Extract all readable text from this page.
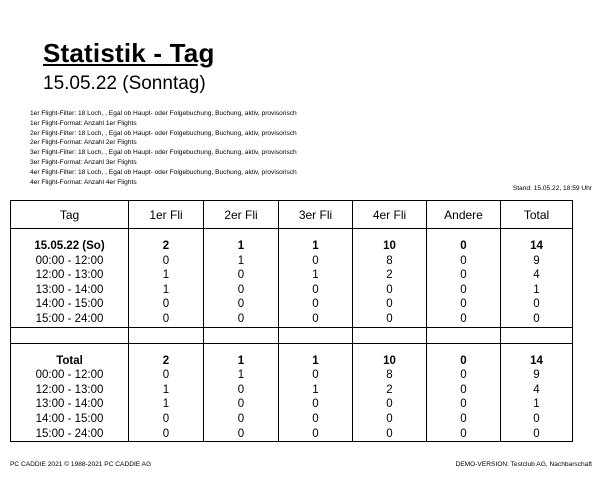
Statistik - Tag
15.05.22 (Sonntag)
1er Flight-Filter: 18 Loch, , Egal ob Haupt- oder Folgebuchung, Buchung, aktiv, provisorisch
1er Flight-Format: Anzahl 1er Flights
2er Flight-Filter: 18 Loch, , Egal ob Haupt- oder Folgebuchung, Buchung, aktiv, provisorisch
2er Flight-Format: Anzahl 2er Flights
3er Flight-Filter: 18 Loch, , Egal ob Haupt- oder Folgebuchung, Buchung, aktiv, provisorisch
3er Flight-Format: Anzahl 3er Flights
4er Flight-Filter: 18 Loch, , Egal ob Haupt- oder Folgebuchung, Buchung, aktiv, provisorisch
4er Flight-Format: Anzahl 4er Flights
Stand: 15.05.22, 18:59 Uhr
Tag	1er Fli	2er Fli	3er Fli	4er Fli	Andere	Total

15.05.22 (So)	2	1	1	10	0	14
00:00 - 12:00	0	1	0	8	0	9
12:00 - 13:00	1	0	1	2	0	4
13:00 - 14:00	1	0	0	0	0	1
14:00 - 15:00	0	0	0	0	0	0
15:00 - 24:00	0	0	0	0	0	0

Total	2	1	1	10	0	14
00:00 - 12:00	0	1	0	8	0	9
12:00 - 13:00	1	0	1	2	0	4
13:00 - 14:00	1	0	0	0	0	1
14:00 - 15:00	0	0	0	0	0	0
15:00 - 24:00	0	0	0	0	0	0
PC CADDIE 2021 © 1988-2021 PC CADDIE AG	DEMO-VERSION: Testclub AG, Nachbarschaft
